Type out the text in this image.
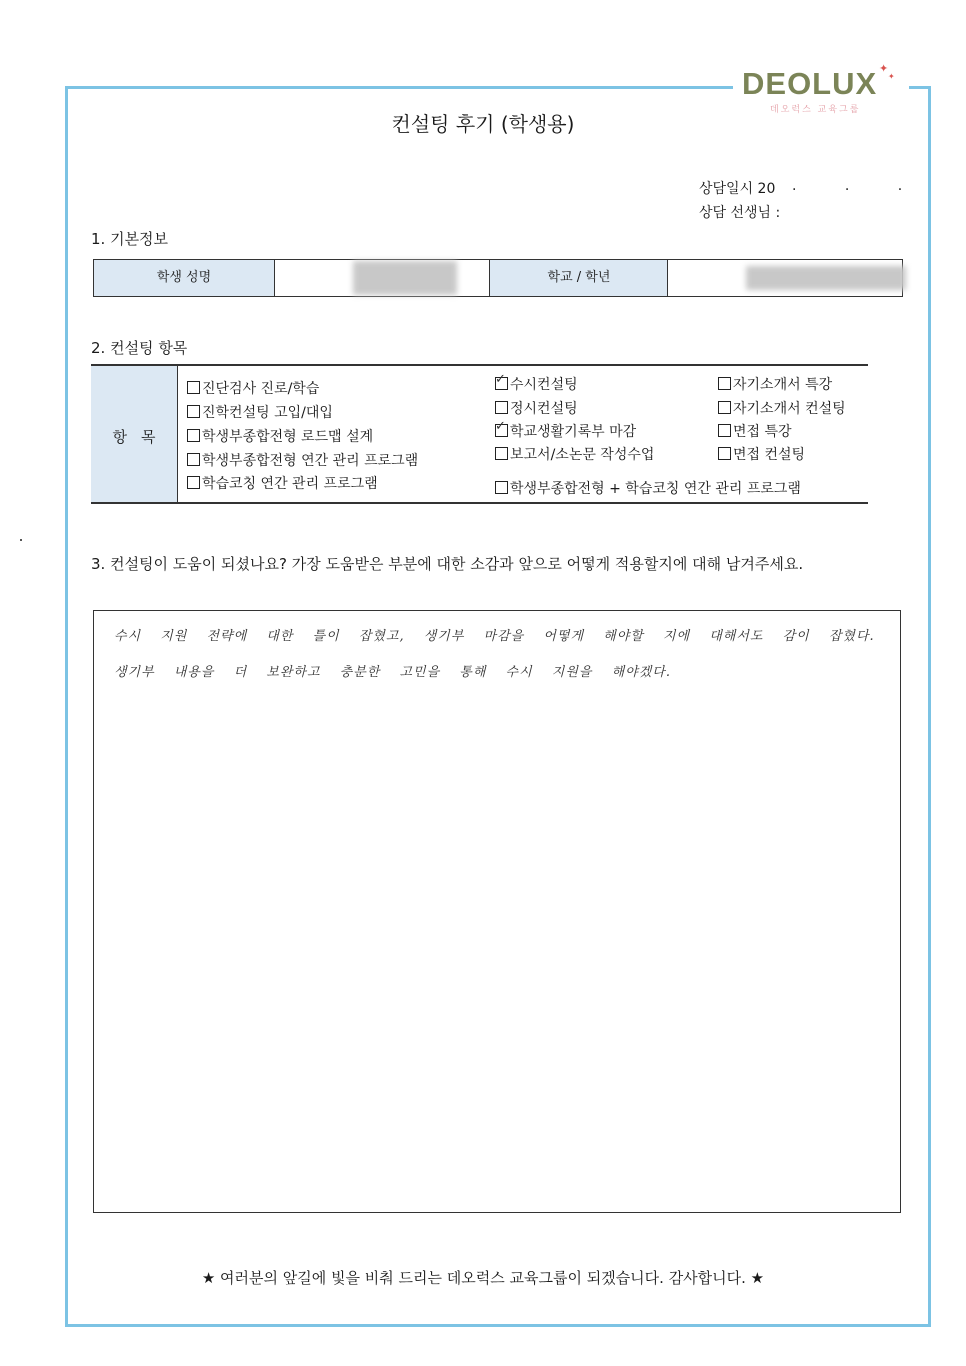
DEOLUX
데오럭스 교육그룹
✦
✦
컨설팅 후기 (학생용)
상담일시 20 . . .
상담 선생님 :
1. 기본정보
학생 성명	학교 / 학년
2. 컨설팅 항목
항목
진단검사 진로/학습
진학컨설팅 고입/대입
학생부종합전형 로드맵 설계
학생부종합전형 연간 관리 프로그램
학습코칭 연간 관리 프로그램
✓수시컨설팅
정시컨설팅
✓학교생활기록부 마감
보고서/소논문 작성수업
자기소개서 특강
자기소개서 컨설팅
면접 특강
면접 컨설팅
학생부종합전형 + 학습코칭 연간 관리 프로그램
3. 컨설팅이 도움이 되셨나요? 가장 도움받은 부분에 대한 소감과 앞으로 어떻게 적용할지에 대해 남겨주세요.
수시 지원 전략에 대한 틀이 잡혔고, 생기부 마감을 어떻게 해야할 지에 대해서도 감이 잡혔다.
생기부 내용을 더 보완하고 충분한 고민을 통해 수시 지원을 해야겠다.
★ 여러분의 앞길에 빛을 비춰 드리는 데오럭스 교육그룹이 되겠습니다. 감사합니다. ★
